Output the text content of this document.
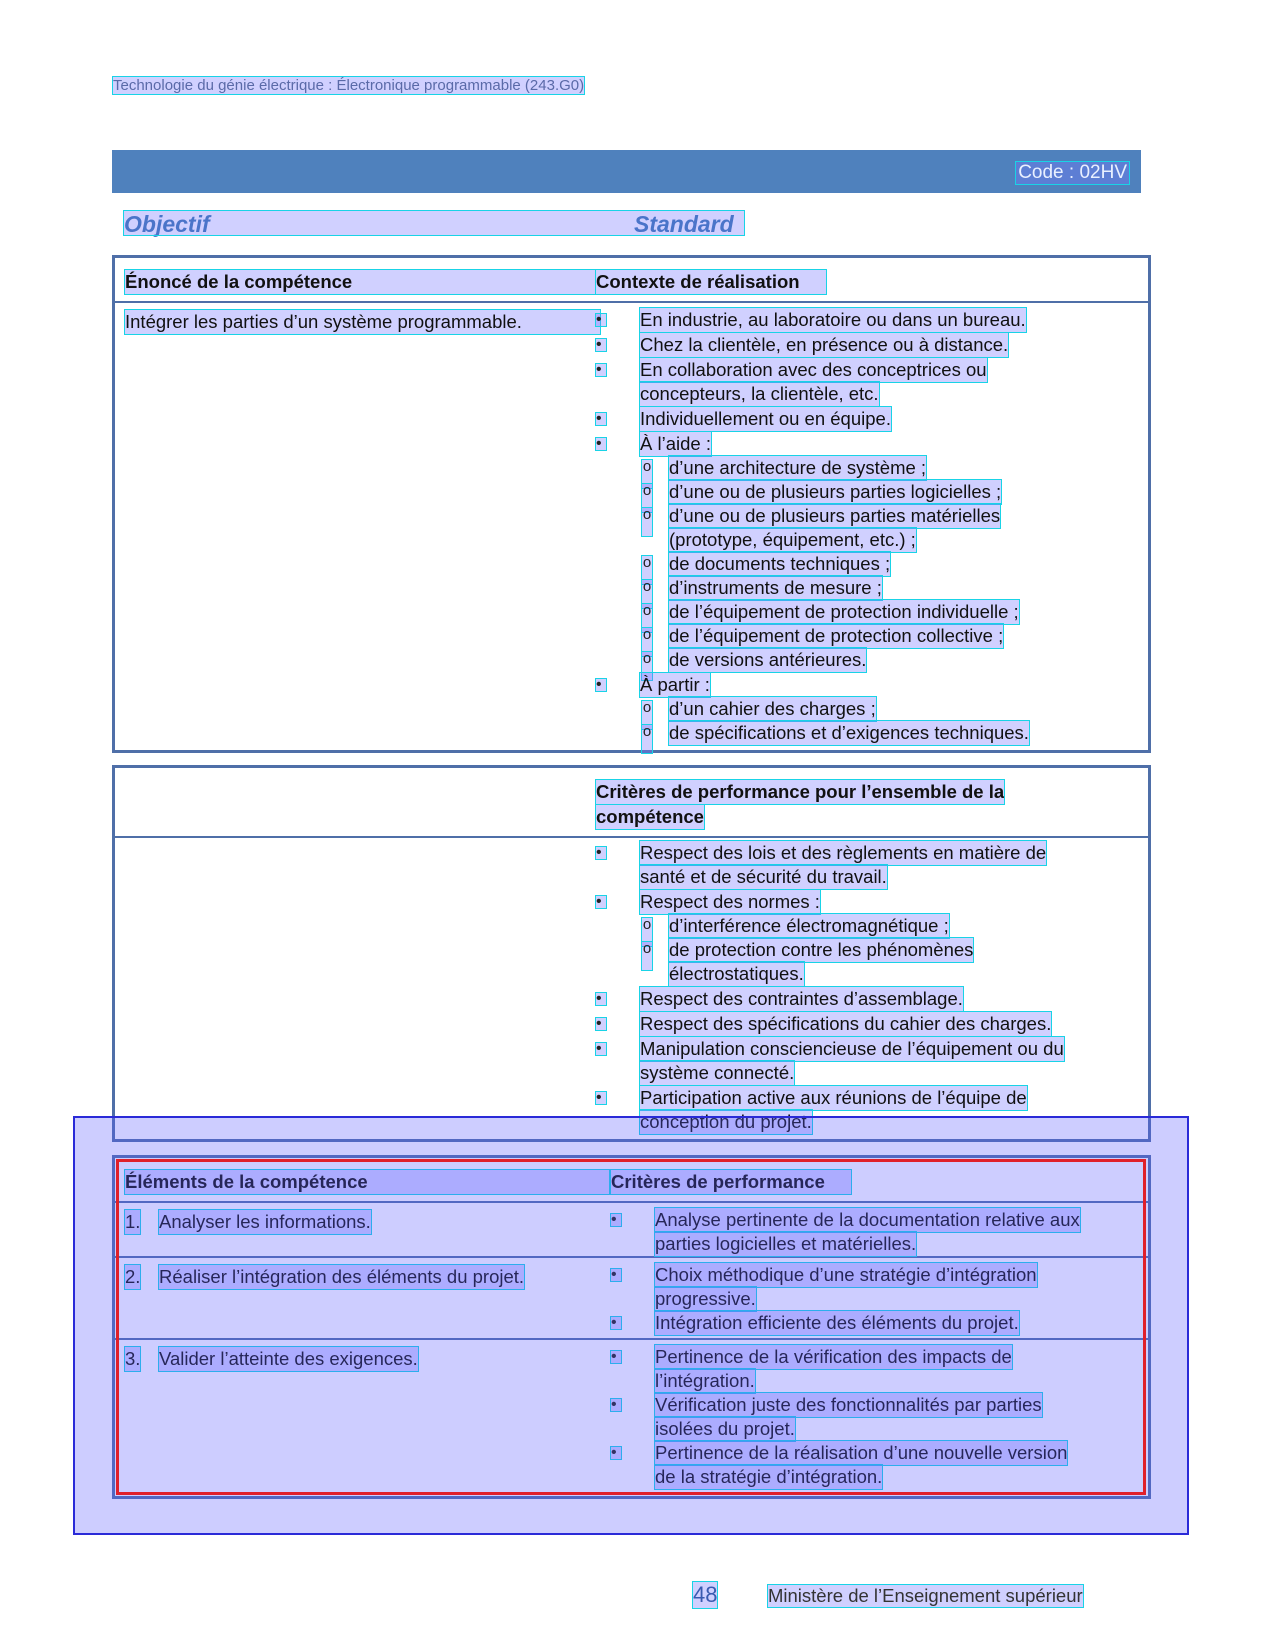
Technologie du génie électrique : Électronique programmable (243.G0)
Code : 02HV
Objectif	Standard
Énoncé de la compétence	Contexte de réalisation
Intégrer les parties d’un système programmable.	• En industrie, au laboratoire ou dans un bureau.
• Chez la clientèle, en présence ou à distance.
• En collaboration avec des conceptrices ou
concepteurs, la clientèle, etc.
• Individuellement ou en équipe.
• À l’aide :
o d’une architecture de système ;
o d’une ou de plusieurs parties logicielles ;
o d’une ou de plusieurs parties matérielles
(prototype, équipement, etc.) ;
o de documents techniques ;
o d’instruments de mesure ;
o de l’équipement de protection individuelle ;
o de l’équipement de protection collective ;
o de versions antérieures.
• À partir :
o d’un cahier des charges ;
o de spécifications et d’exigences techniques.
Critères de performance pour l’ensemble de la
compétence
• Respect des lois et des règlements en matière de
santé et de sécurité du travail.
• Respect des normes :
o d’interférence électromagnétique ;
o de protection contre les phénomènes
électrostatiques.
• Respect des contraintes d’assemblage.
• Respect des spécifications du cahier des charges.
• Manipulation consciencieuse de l’équipement ou du
système connecté.
• Participation active aux réunions de l’équipe de
conception du projet.
Éléments de la compétence	Critères de performance
1. Analyser les informations.	• Analyse pertinente de la documentation relative aux
parties logicielles et matérielles.
2. Réaliser l’intégration des éléments du projet.	• Choix méthodique d’une stratégie d’intégration
progressive.
• Intégration efficiente des éléments du projet.
3. Valider l’atteinte des exigences.	• Pertinence de la vérification des impacts de
l’intégration.
• Vérification juste des fonctionnalités par parties
isolées du projet.
• Pertinence de la réalisation d’une nouvelle version
de la stratégie d’intégration.
48	Ministère de l’Enseignement supérieur
